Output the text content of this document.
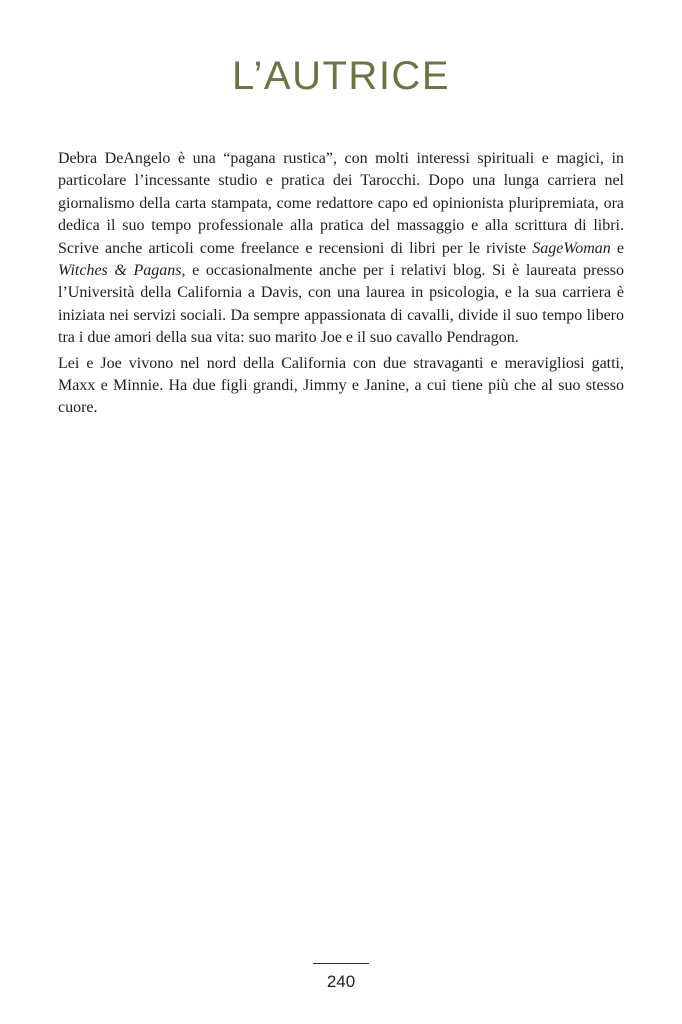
L’AUTRICE

Debra DeAngelo è una “pagana rustica”, con molti interessi spirituali e magici, in particolare l’incessante studio e pratica dei Tarocchi. Dopo una lunga carriera nel giornalismo della carta stampata, come redattore capo ed opinionista pluripremiata, ora dedica il suo tempo professionale alla pratica del massaggio e alla scrittura di libri. Scrive anche articoli come freelance e recensioni di libri per le riviste SageWoman e Witches & Pagans, e occasionalmente anche per i relativi blog. Si è laureata presso l’Università della California a Davis, con una laurea in psicologia, e la sua carriera è iniziata nei servizi sociali. Da sempre appassionata di cavalli, divide il suo tempo libero tra i due amori della sua vita: suo marito Joe e il suo cavallo Pendragon.

Lei e Joe vivono nel nord della California con due stravaganti e meravigliosi gatti, Maxx e Minnie. Ha due figli grandi, Jimmy e Janine, a cui tiene più che al suo stesso cuore.

240
